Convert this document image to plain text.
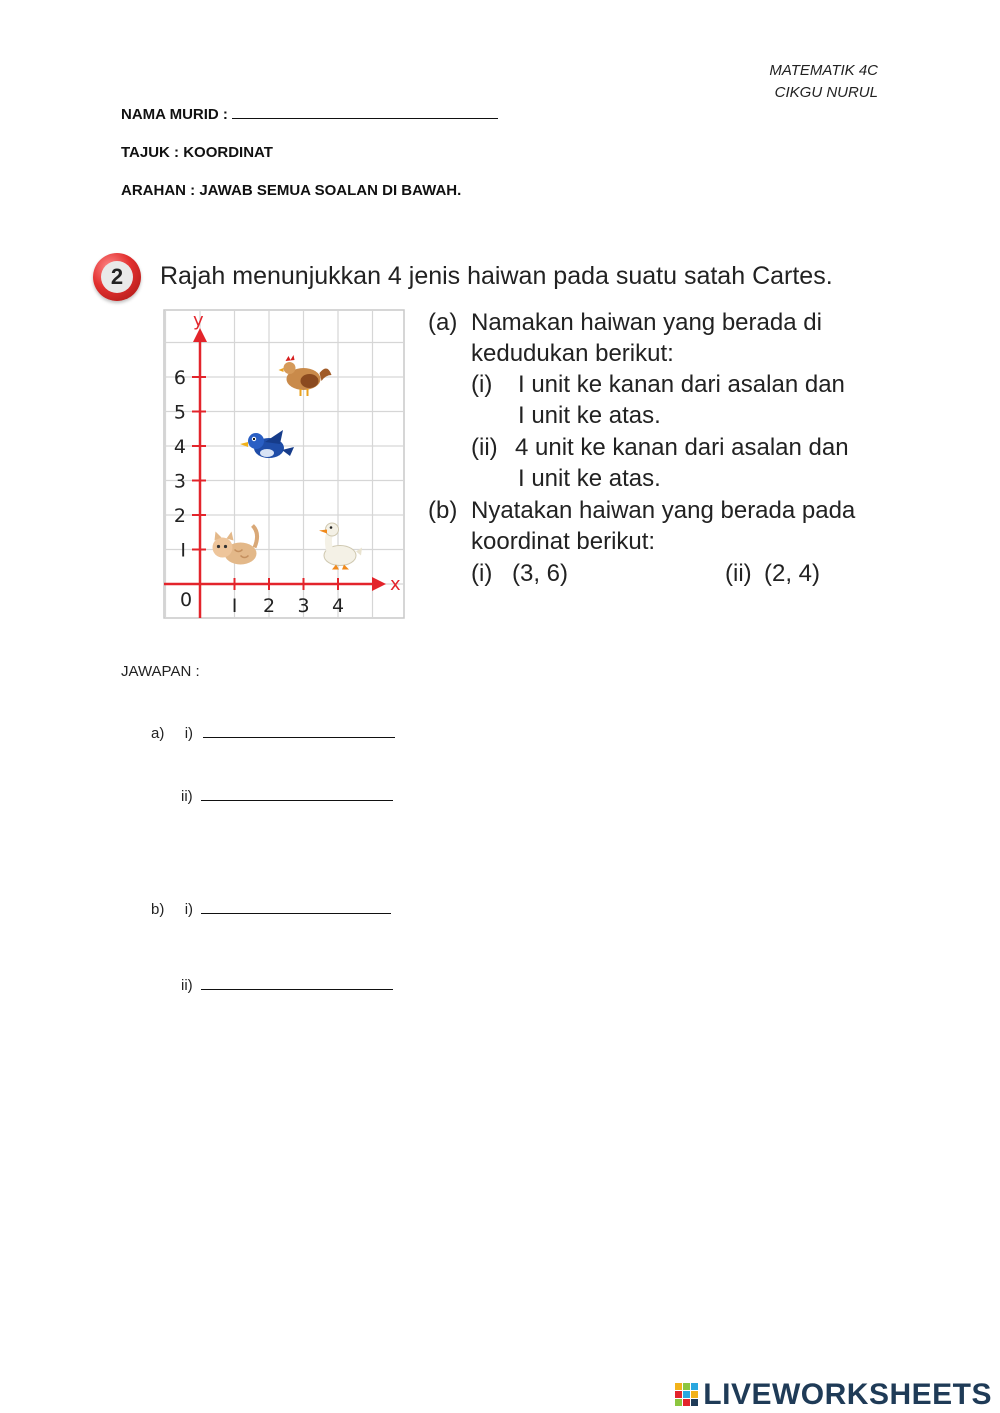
MATEMATIK 4C
CIKGU NURUL
NAMA MURID :
TAJUK : KOORDINAT
ARAHAN : JAWAB SEMUA SOALAN DI BAWAH.
2	Rajah menunjukkan 4 jenis haiwan pada suatu satah Cartes.
x
y
0 I 2 3 4
I
2
3
4
5
6
(a) Namakan haiwan yang berada di
kedudukan berikut:
(i) I unit ke kanan dari asalan dan
I unit ke atas.
(ii) 4 unit ke kanan dari asalan dan
I unit ke atas.
(b) Nyatakan haiwan yang berada pada
koordinat berikut:
(i) (3, 6)	(ii) (2, 4)
JAWAPAN :
a) i)
ii)
b) i)
ii)
LIVEWORKSHEETS
